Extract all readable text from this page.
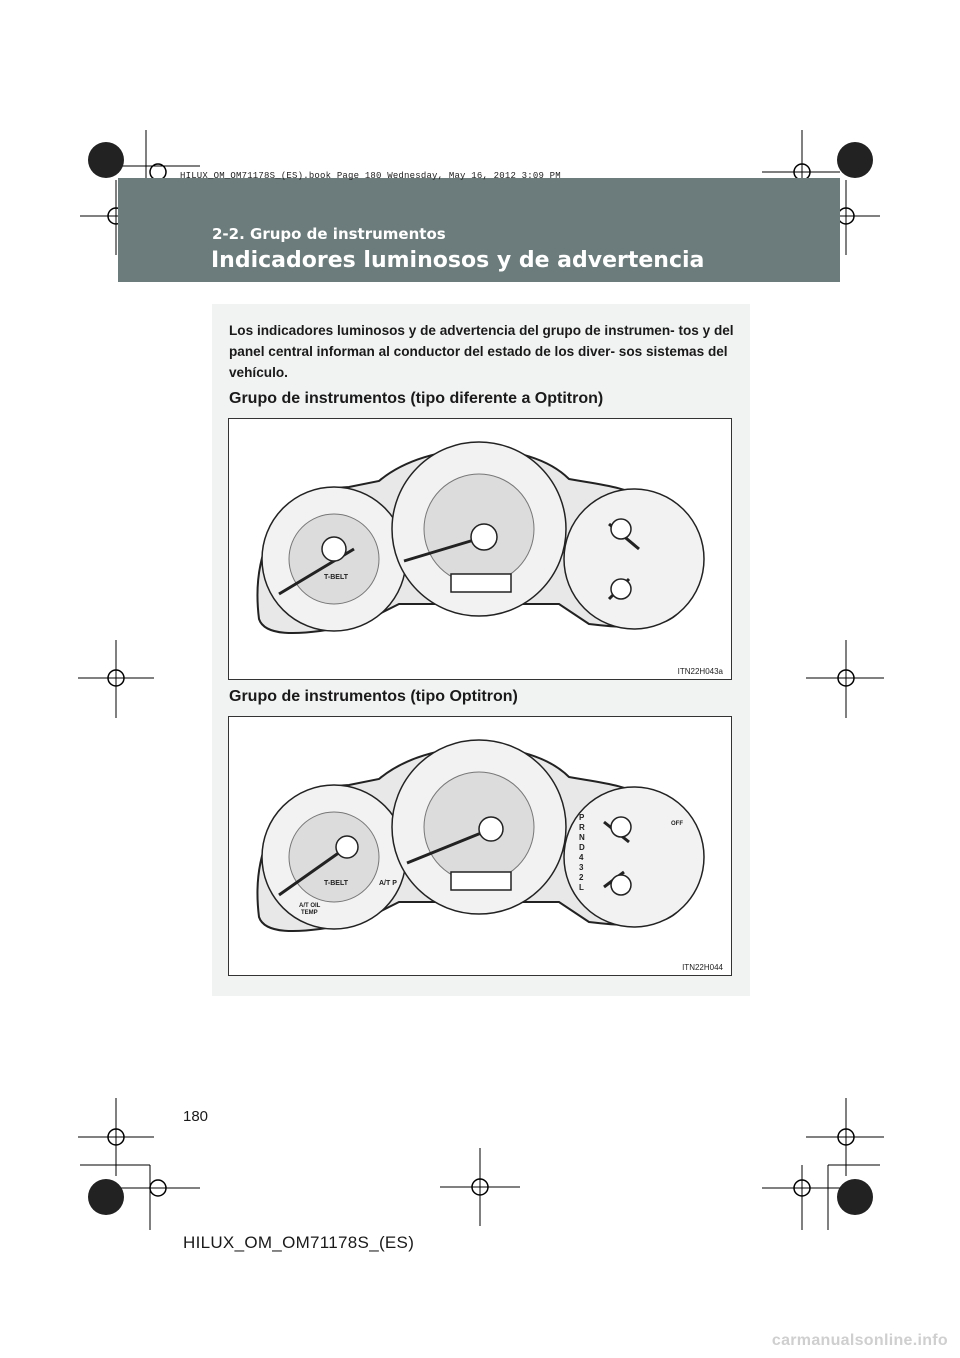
HILUX_OM_OM71178S_(ES).book Page 180 Wednesday, May 16, 2012 3:09 PM
2-2. Grupo de instrumentos
Indicadores luminosos y de advertencia
Los indicadores luminosos y de advertencia del grupo de instrumen- tos y del panel central informan al conductor del estado de los diver- sos sistemas del vehículo.
Grupo de instrumentos (tipo diferente a Optitron)
T-BELT
ITN22H043a
Grupo de instrumentos (tipo Optitron)
T-BELT	A/T P
A/T OIL
TEMP
OFF
P
R
N
D
4
3
2
L
ITN22H044
180
HILUX_OM_OM71178S_(ES)
carmanualsonline.info
